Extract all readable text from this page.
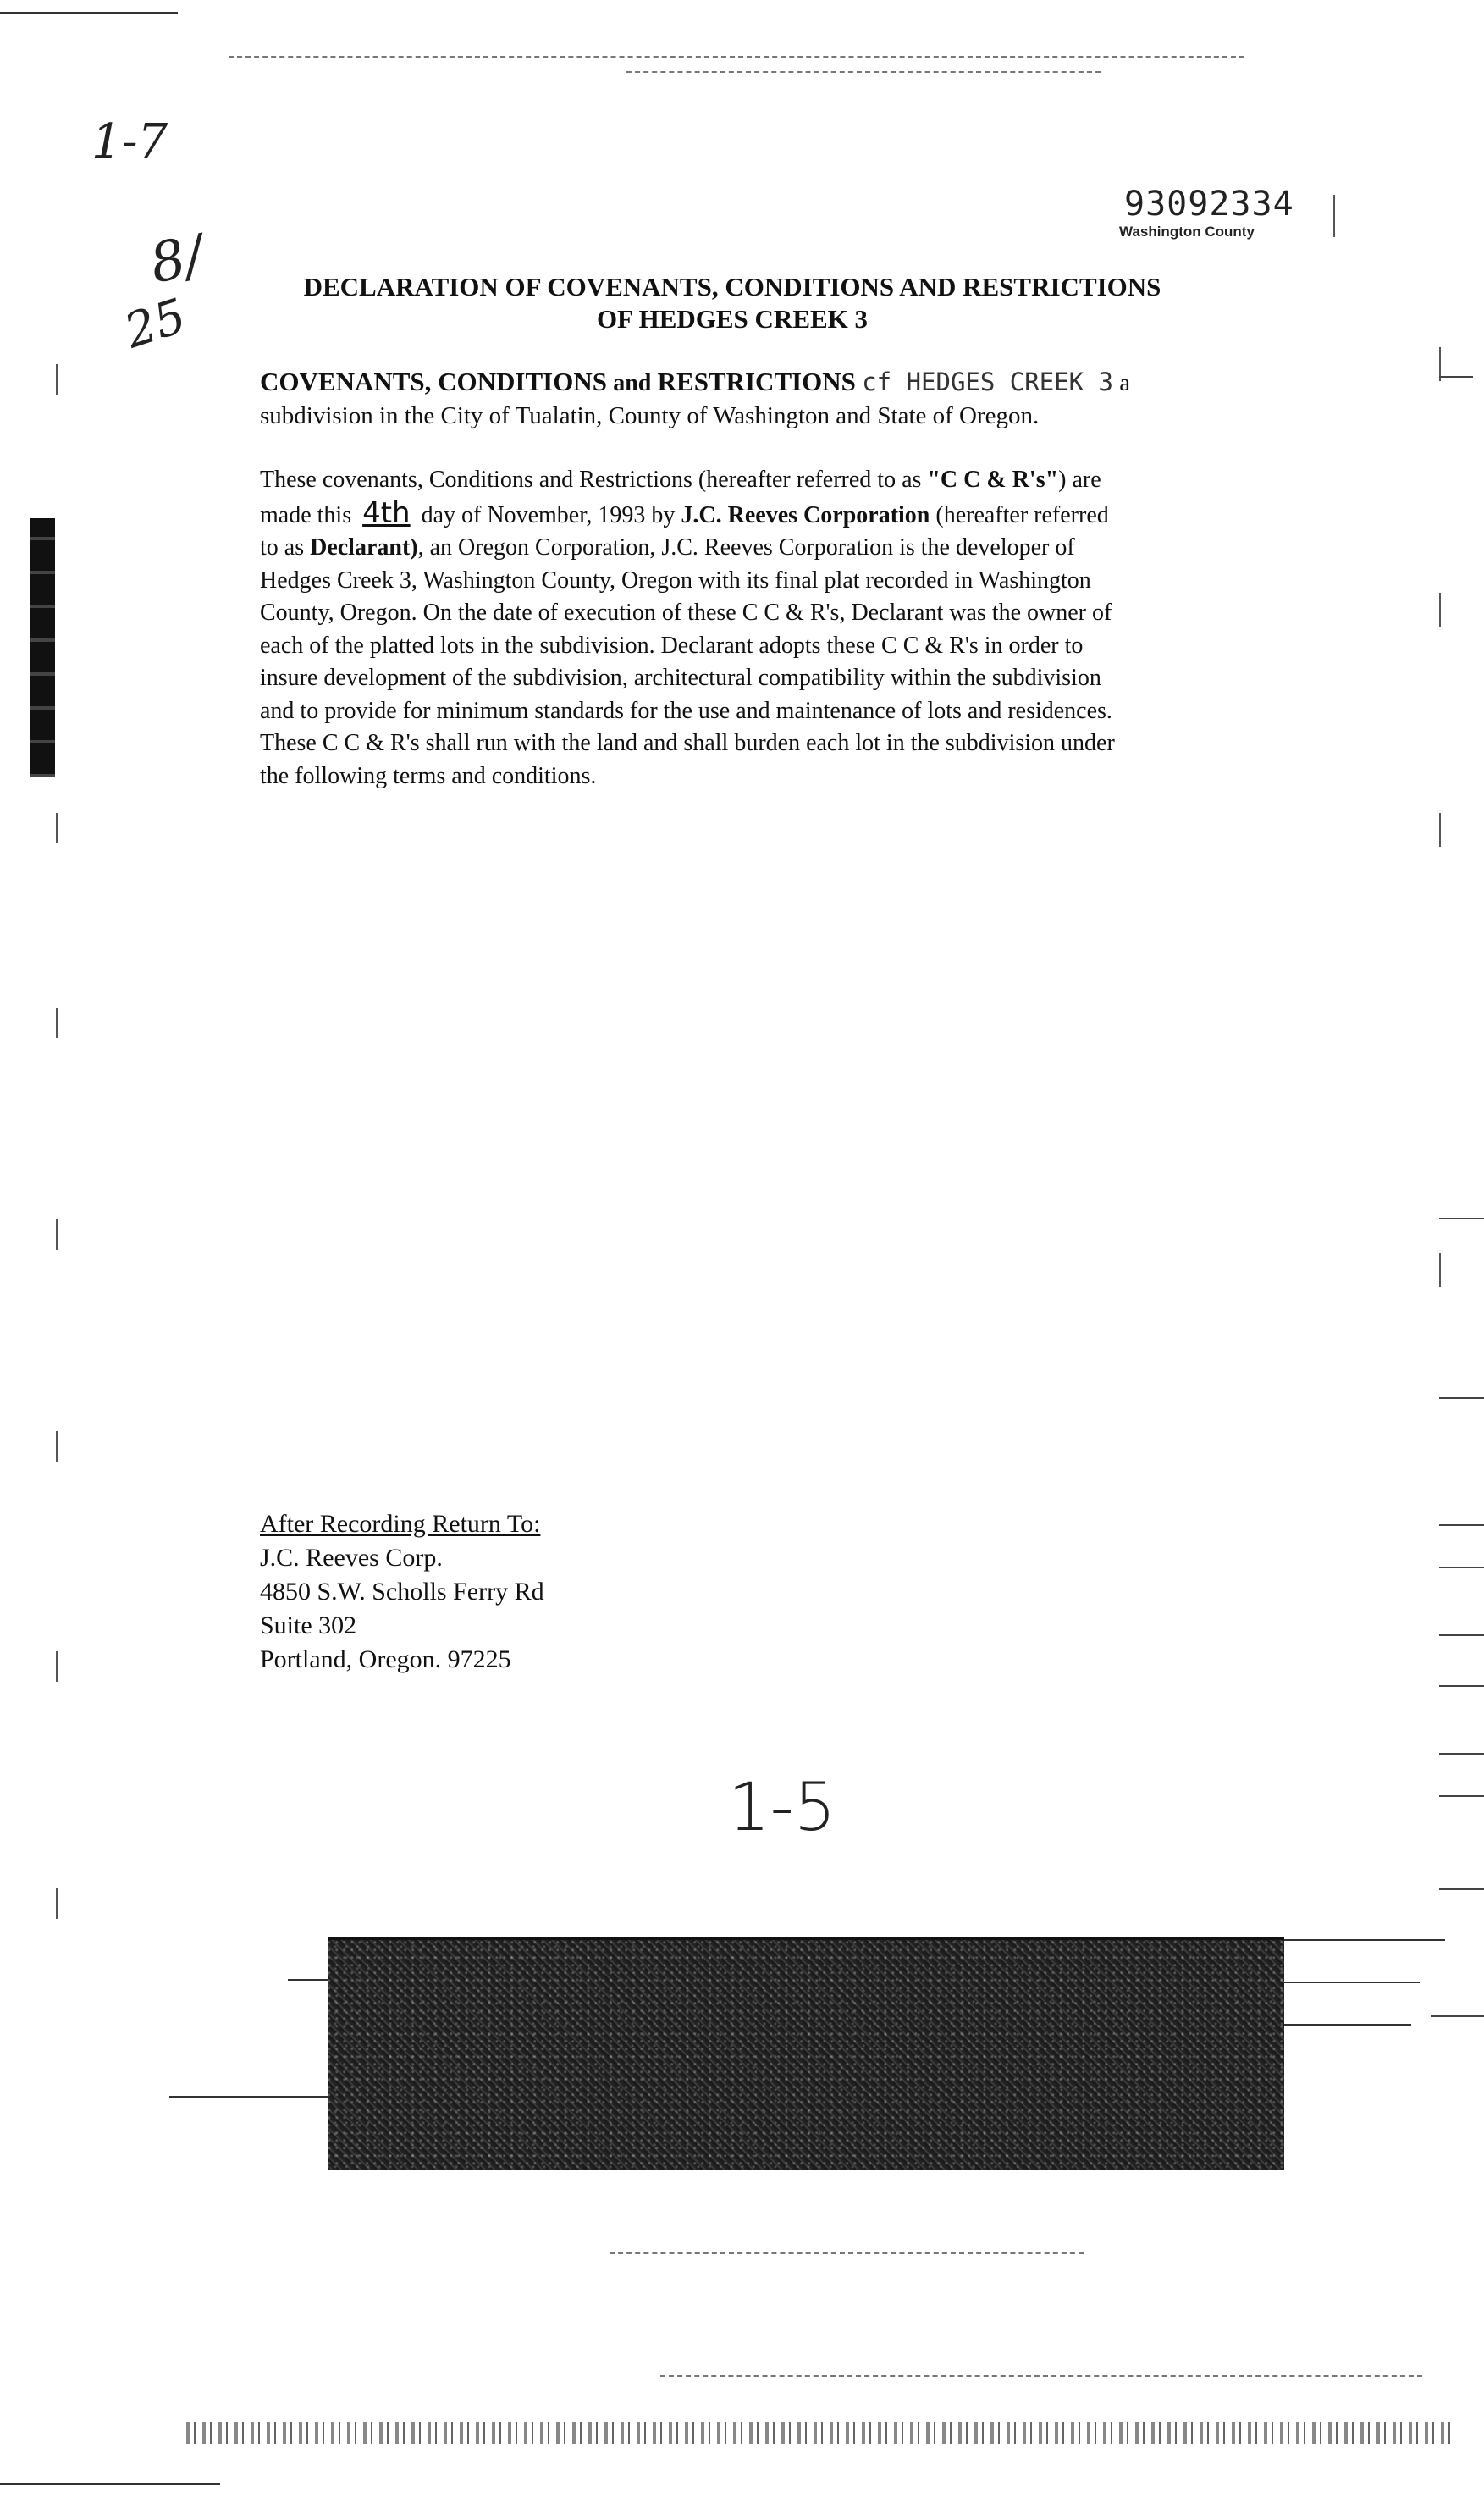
1-7
8/
25
93092334
Washington County
DECLARATION OF COVENANTS, CONDITIONS AND RESTRICTIONS
OF HEDGES CREEK 3
COVENANTS, CONDITIONS and RESTRICTIONS cf HEDGES CREEK 3 a
subdivision in the City of Tualatin, County of Washington and State of Oregon.
These covenants, Conditions and Restrictions (hereafter referred to as "C C & R's") are
made this 4th day of November, 1993 by J.C. Reeves Corporation (hereafter referred
to as Declarant), an Oregon Corporation, J.C. Reeves Corporation is the developer of
Hedges Creek 3, Washington County, Oregon with its final plat recorded in Washington
County, Oregon. On the date of execution of these C C & R's, Declarant was the owner of
each of the platted lots in the subdivision. Declarant adopts these C C & R's in order to
insure development of the subdivision, architectural compatibility within the subdivision
and to provide for minimum standards for the use and maintenance of lots and residences.
These C C & R's shall run with the land and shall burden each lot in the subdivision under
the following terms and conditions.
After Recording Return To:
J.C. Reeves Corp.
4850 S.W. Scholls Ferry Rd
Suite 302
Portland, Oregon. 97225
1-5
